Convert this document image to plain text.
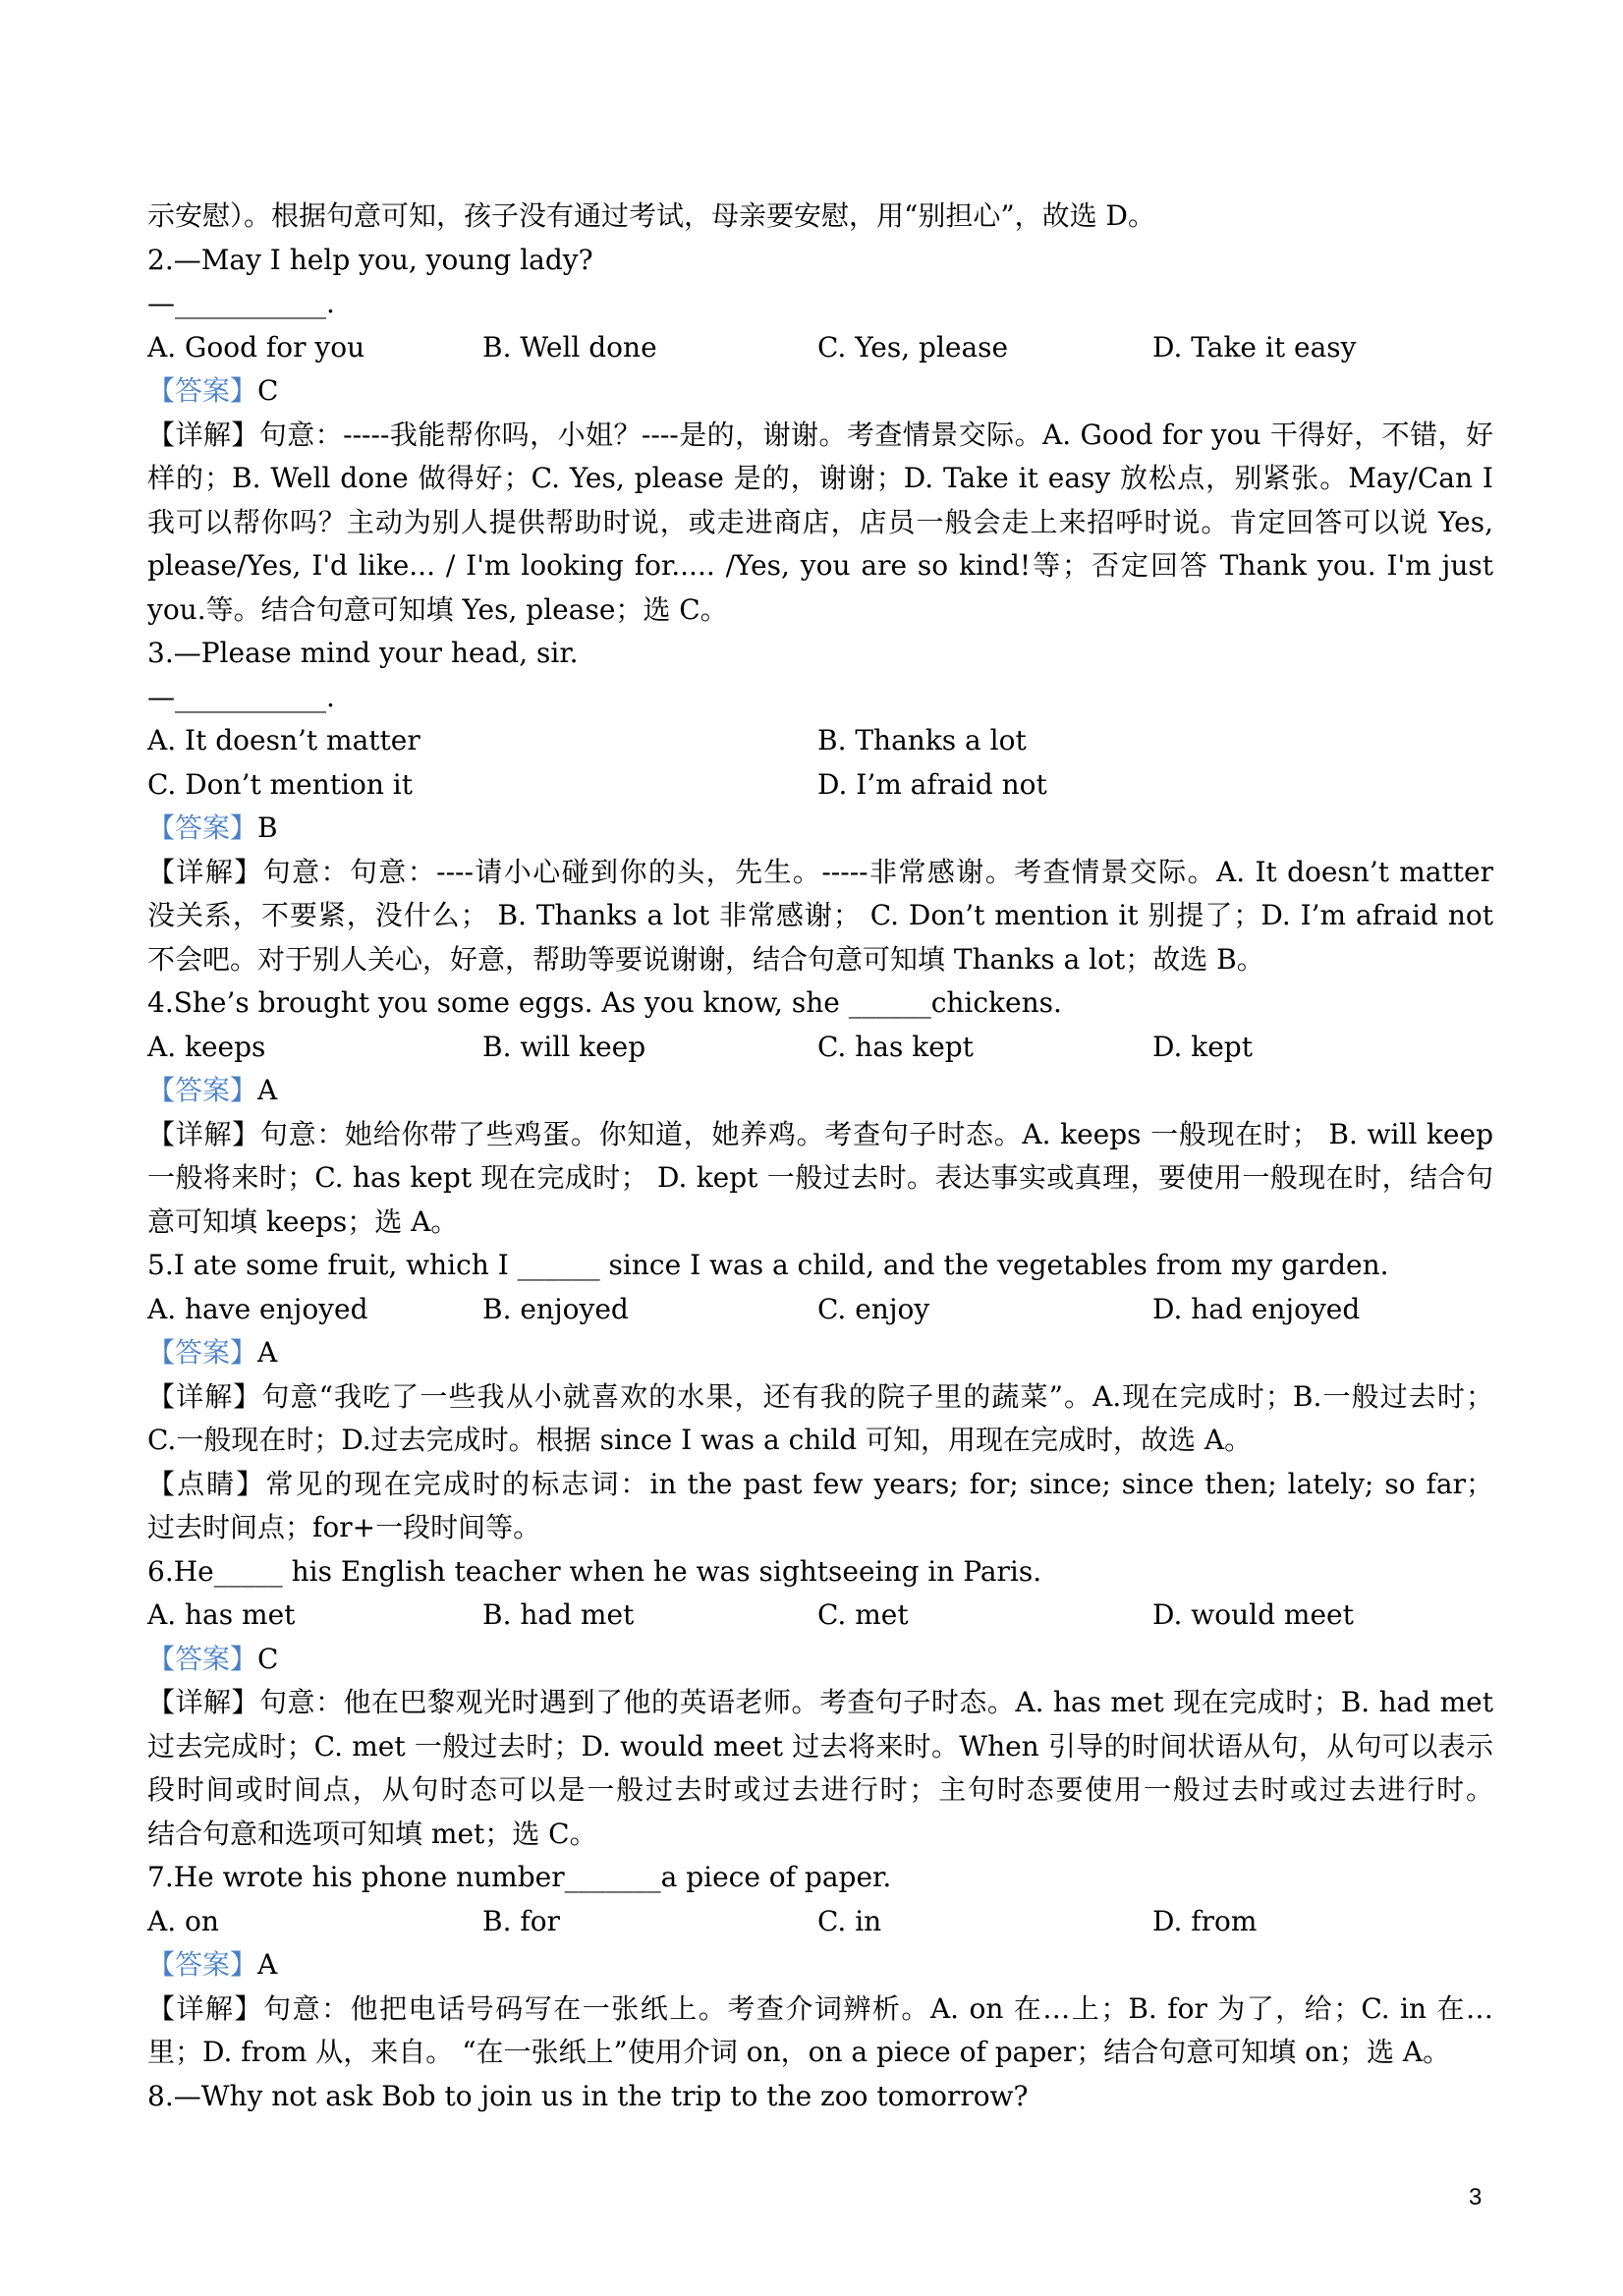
示安慰）。根据句意可知，孩子没有通过考试，母亲要安慰，用“别担心”，故选 D。
2.—May I help you, young lady?
—___________.
A. Good for you	B. Well done	C. Yes, please	D. Take it easy
【答案】C
【详解】句意：-----我能帮你吗，小姐？----是的，谢谢。考查情景交际。A. Good for you 干得好，不错，好
样的；B. Well done 做得好；C. Yes, please 是的，谢谢；D. Take it easy 放松点，别紧张。May/Can I
我可以帮你吗？主动为别人提供帮助时说，或走进商店，店员一般会走上来招呼时说。肯定回答可以说 Yes,
please/Yes, I'd like... / I'm looking for..... /Yes, you are so kind!等；否定回答 Thank you. I'm just
you.等。结合句意可知填 Yes, please；选 C。
3.—Please mind your head, sir.
—___________.
A. It doesn’t matter	B. Thanks a lot
C. Don’t mention it	D. I’m afraid not
【答案】B
【详解】句意：句意：----请小心碰到你的头，先生。-----非常感谢。考查情景交际。A. It doesn’t matter
没关系，不要紧，没什么； B. Thanks a lot 非常感谢； C. Don’t mention it 别提了；D. I’m afraid not
不会吧。对于别人关心，好意，帮助等要说谢谢，结合句意可知填 Thanks a lot；故选 B。
4.She’s brought you some eggs. As you know, she ______chickens.
A. keeps	B. will keep	C. has kept	D. kept
【答案】A
【详解】句意：她给你带了些鸡蛋。你知道，她养鸡。考查句子时态。A. keeps 一般现在时； B. will keep
一般将来时；C. has kept 现在完成时； D. kept 一般过去时。表达事实或真理，要使用一般现在时，结合句
意可知填 keeps；选 A。
5.I ate some fruit, which I ______ since I was a child, and the vegetables from my garden.
A. have enjoyed	B. enjoyed	C. enjoy	D. had enjoyed
【答案】A
【详解】句意“我吃了一些我从小就喜欢的水果，还有我的院子里的蔬菜”。A.现在完成时；B.一般过去时；
C.一般现在时；D.过去完成时。根据 since I was a child 可知，用现在完成时，故选 A。
【点睛】常见的现在完成时的标志词：in the past few years; for; since; since then; lately; so far；
过去时间点；for+一段时间等。
6.He_____ his English teacher when he was sightseeing in Paris.
A. has met	B. had met	C. met	D. would meet
【答案】C
【详解】句意：他在巴黎观光时遇到了他的英语老师。考查句子时态。A. has met 现在完成时；B. had met
过去完成时；C. met 一般过去时；D. would meet 过去将来时。When 引导的时间状语从句，从句可以表示
段时间或时间点，从句时态可以是一般过去时或过去进行时；主句时态要使用一般过去时或过去进行时。
结合句意和选项可知填 met；选 C。
7.He wrote his phone number_______a piece of paper.
A. on	B. for	C. in	D. from
【答案】A
【详解】句意：他把电话号码写在一张纸上。考查介词辨析。A. on 在…上；B. for 为了，给；C. in 在…
里；D. from 从，来自。 “在一张纸上”使用介词 on，on a piece of paper；结合句意可知填 on；选 A。
8.—Why not ask Bob to join us in the trip to the zoo tomorrow?
3
